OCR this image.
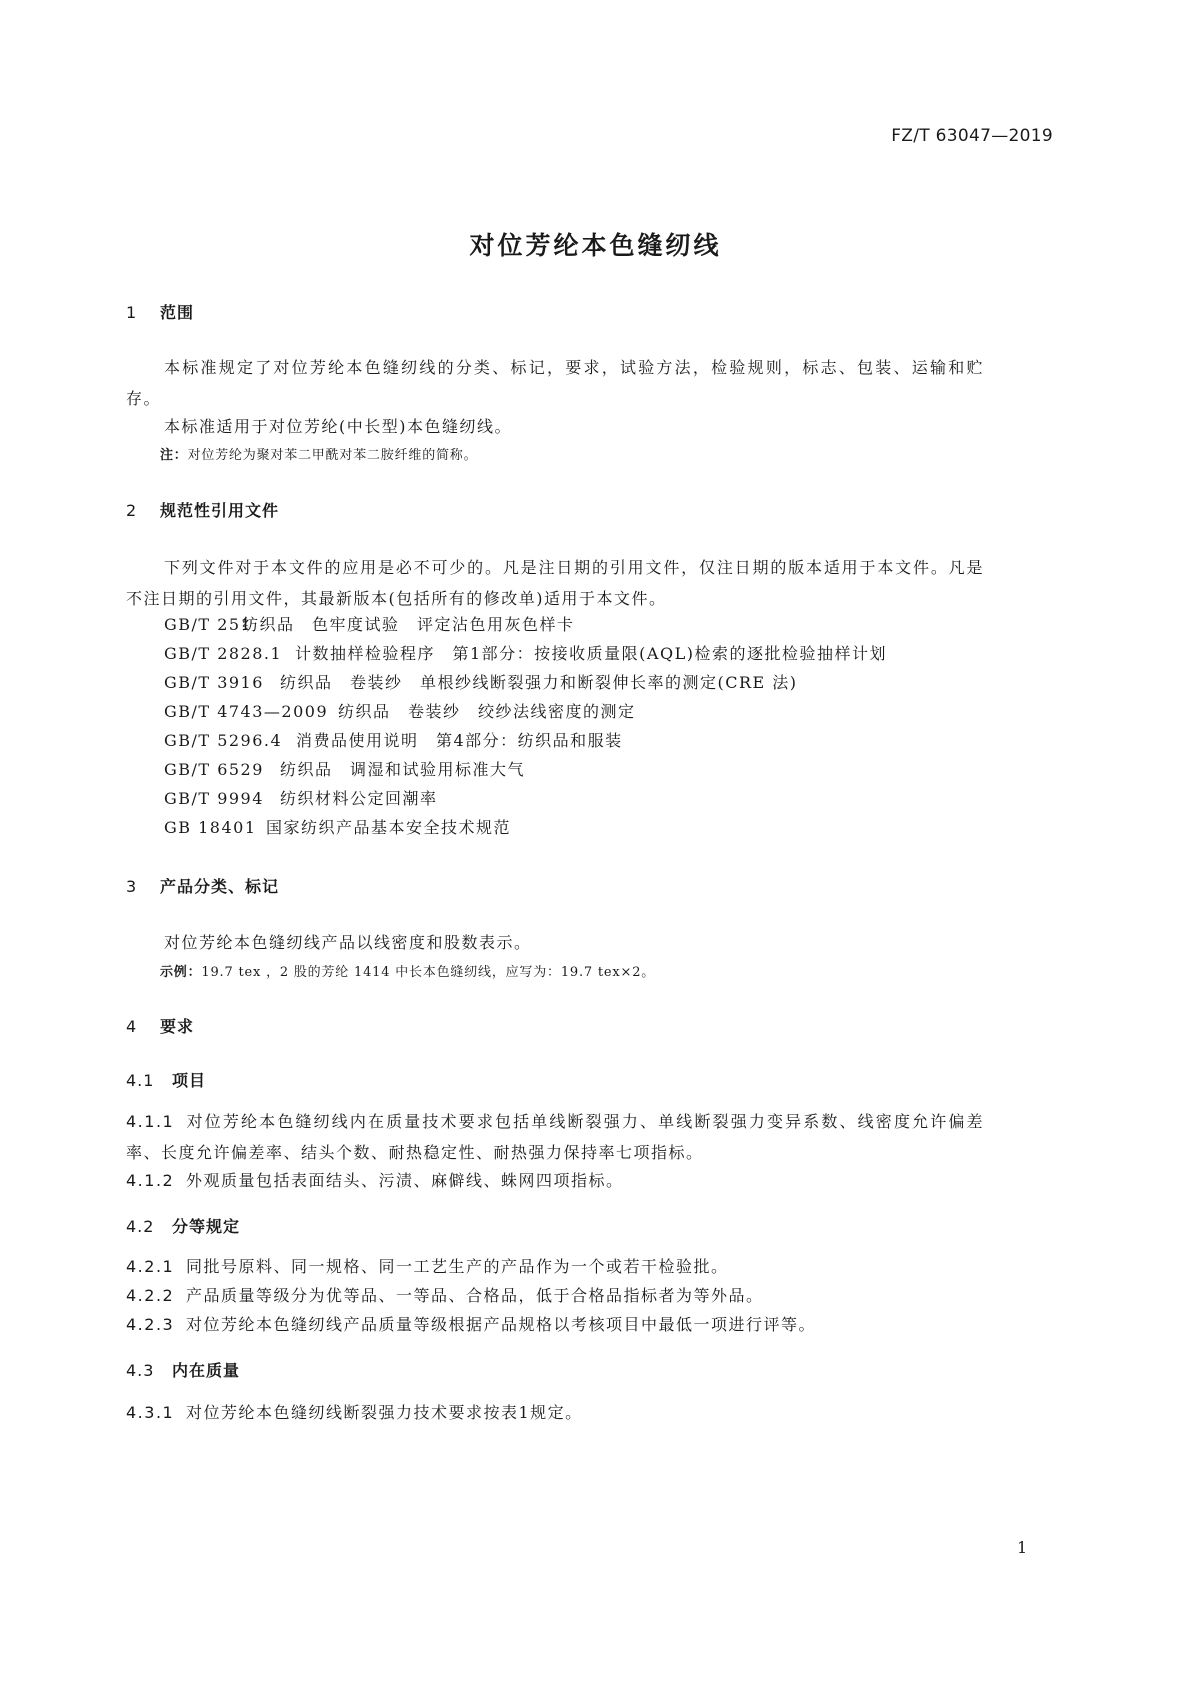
FZ/T 63047—2019
对位芳纶本色缝纫线
1 范围
本标准规定了对位芳纶本色缝纫线的分类、标记，要求，试验方法，检验规则，标志、包装、运输和贮存。
本标准适用于对位芳纶(中长型)本色缝纫线。
注：对位芳纶为聚对苯二甲酰对苯二胺纤维的简称。
2 规范性引用文件
下列文件对于本文件的应用是必不可少的。凡是注日期的引用文件，仅注日期的版本适用于本文件。凡是不注日期的引用文件，其最新版本(包括所有的修改单)适用于本文件。
GB/T 251纺织品　色牢度试验　评定沾色用灰色样卡
GB/T 2828.1 计数抽样检验程序　第1部分：按接收质量限(AQL)检索的逐批检验抽样计划
GB/T 3916 纺织品　卷装纱　单根纱线断裂强力和断裂伸长率的测定(CRE 法)
GB/T 4743—2009 纺织品　卷装纱　绞纱法线密度的测定
GB/T 5296.4 消费品使用说明　第4部分：纺织品和服装
GB/T 6529 纺织品　调湿和试验用标准大气
GB/T 9994 纺织材料公定回潮率
GB 18401 国家纺织产品基本安全技术规范
3 产品分类、标记
对位芳纶本色缝纫线产品以线密度和股数表示。
示例：19.7 tex ，2 股的芳纶 1414 中长本色缝纫线，应写为：19.7 tex×2。
4 要求
4.1 项目
4.1.1 对位芳纶本色缝纫线内在质量技术要求包括单线断裂强力、单线断裂强力变异系数、线密度允许偏差率、长度允许偏差率、结头个数、耐热稳定性、耐热强力保持率七项指标。
4.1.2 外观质量包括表面结头、污渍、麻僻线、蛛网四项指标。
4.2 分等规定
4.2.1 同批号原料、同一规格、同一工艺生产的产品作为一个或若干检验批。
4.2.2 产品质量等级分为优等品、一等品、合格品，低于合格品指标者为等外品。
4.2.3 对位芳纶本色缝纫线产品质量等级根据产品规格以考核项目中最低一项进行评等。
4.3 内在质量
4.3.1 对位芳纶本色缝纫线断裂强力技术要求按表1规定。
1
